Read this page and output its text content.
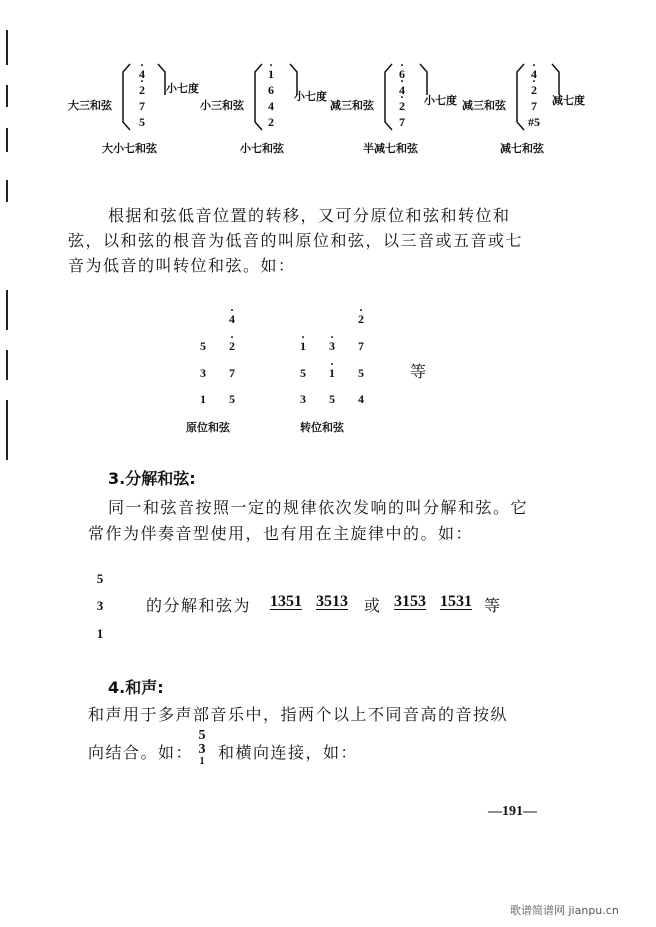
大三和弦
· 4
· 2
7
5
小七度
大小七和弦
小三和弦
· 1
6
4
2
小七度
小七和弦
减三和弦
· 6
· 4
· 2
7
小七度
半减七和弦
减三和弦
· 4
· 2
7
#5
减七度
减七和弦
根据和弦低音位置的转移，又可分原位和弦和转位和
弦，以和弦的根音为低音的叫原位和弦，以三音或五音或七
音为低音的叫转位和弦。如：
5
3
1
· 4
· 2
7
5
· 1
5
3
· 3
· 1
5
· 2
7
5
4
等
原位和弦	转位和弦
3.分解和弦:
同一和弦音按照一定的规律依次发响的叫分解和弦。它
常作为伴奏音型使用，也有用在主旋律中的。如：
5
3
1
的分解和弦为 1351 3513 或 3153 1531 等
4.和声:
和声用于多声部音乐中，指两个以上不同音高的音按纵
向结合。如：
5
3
1 和横向连接，如：
—191—
歌谱简谱网 jianpu.cn
